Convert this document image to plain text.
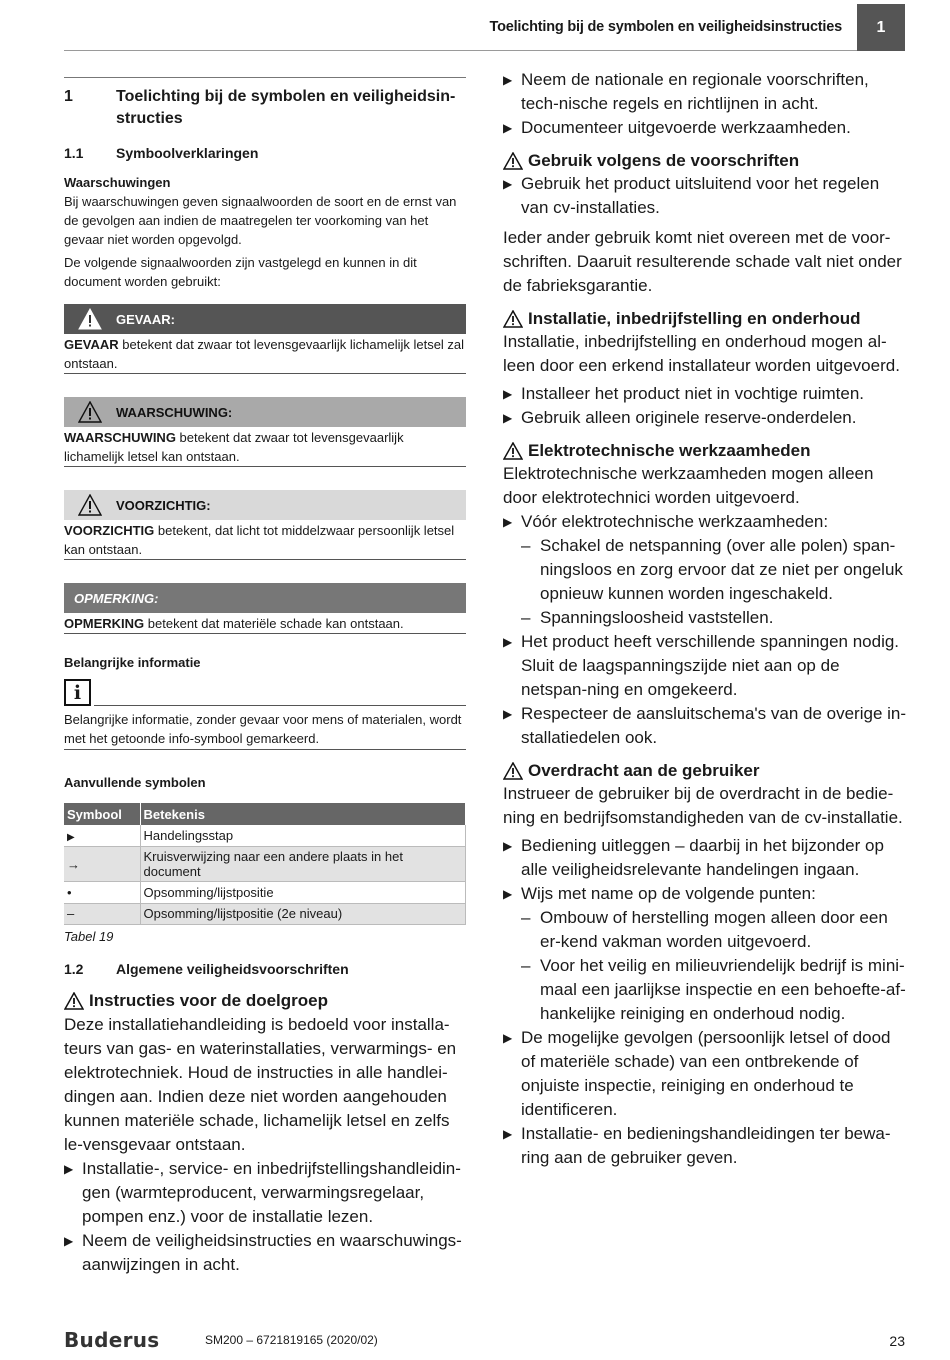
Toelichting bij de symbolen en veiligheidsinstructies	1
1	Toelichting bij de symbolen en veiligheidsin-
structies
1.1	Symboolverklaringen
Waarschuwingen

Bij waarschuwingen geven signaalwoorden de soort en de ernst van de gevolgen aan indien de maatregelen ter voorkoming van het gevaar niet worden opgevolgd.

De volgende signaalwoorden zijn vastgelegd en kunnen in dit document worden gebruikt:

GEVAAR:

GEVAAR betekent dat zwaar tot levensgevaarlijk lichamelijk letsel zal ontstaan.

WAARSCHUWING:

WAARSCHUWING betekent dat zwaar tot levensgevaarlijk lichamelijk letsel kan ontstaan.

VOORZICHTIG:

VOORZICHTIG betekent, dat licht tot middelzwaar persoonlijk letsel kan ontstaan.

OPMERKING:

OPMERKING betekent dat materiële schade kan ontstaan.

Belangrijke informatie
i

Belangrijke informatie, zonder gevaar voor mens of materialen, wordt met het getoonde info-symbool gemarkeerd.

Aanvullende symbolen
Symbool	Betekenis
▶	Handelingsstap
→	Kruisverwijzing naar een andere plaats in het document
•	Opsomming/lijstpositie
–	Opsomming/lijstpositie (2e niveau)
Tabel 19
1.2	Algemene veiligheidsvoorschriften
Instructies voor de doelgroep

Deze installatiehandleiding is bedoeld voor installa-teurs van gas- en waterinstallaties, verwarmings- en elektrotechniek. Houd de instructies in alle handlei-dingen aan. Indien deze niet worden aangehouden kunnen materiële schade, lichamelijk letsel en zelfs le-vensgevaar ontstaan.

▶ Installatie-, service- en inbedrijfstellingshandleidin-gen (warmteproducent, verwarmingsregelaar, pompen enz.) voor de installatie lezen.
▶ Neem de veiligheidsinstructies en waarschuwings-aanwijzingen in acht.
▶ Neem de nationale en regionale voorschriften, tech-nische regels en richtlijnen in acht.
▶ Documenteer uitgevoerde werkzaamheden.
Gebruik volgens de voorschriften
▶ Gebruik het product uitsluitend voor het regelen van cv-installaties.

Ieder ander gebruik komt niet overeen met de voor-schriften. Daaruit resulterende schade valt niet onder de fabrieksgarantie.

Installatie, inbedrijfstelling en onderhoud

Installatie, inbedrijfstelling en onderhoud mogen al-leen door een erkend installateur worden uitgevoerd.

▶ Installeer het product niet in vochtige ruimten.
▶ Gebruik alleen originele reserve-onderdelen.
Elektrotechnische werkzaamheden

Elektrotechnische werkzaamheden mogen alleen door elektrotechnici worden uitgevoerd.

▶ Vóór elektrotechnische werkzaamheden:
– Schakel de netspanning (over alle polen) span-ningsloos en zorg ervoor dat ze niet per ongeluk opnieuw kunnen worden ingeschakeld.
– Spanningsloosheid vaststellen.
▶ Het product heeft verschillende spanningen nodig. Sluit de laagspanningszijde niet aan op de netspan-ning en omgekeerd.
▶ Respecteer de aansluitschema's van de overige in-stallatiedelen ook.
Overdracht aan de gebruiker

Instrueer de gebruiker bij de overdracht in de bedie-ning en bedrijfsomstandigheden van de cv-installatie.

▶ Bediening uitleggen – daarbij in het bijzonder op alle veiligheidsrelevante handelingen ingaan.
▶ Wijs met name op de volgende punten:
– Ombouw of herstelling mogen alleen door een er-kend vakman worden uitgevoerd.
– Voor het veilig en milieuvriendelijk bedrijf is mini-maal een jaarlijkse inspectie en een behoefte-af-hankelijke reiniging en onderhoud nodig.
▶ De mogelijke gevolgen (persoonlijk letsel of dood of materiële schade) van een ontbrekende of onjuiste inspectie, reiniging en onderhoud te identificeren.
▶ Installatie- en bedieningshandleidingen ter bewa-ring aan de gebruiker geven.
Buderus	SM200 – 6721819165 (2020/02)	23
